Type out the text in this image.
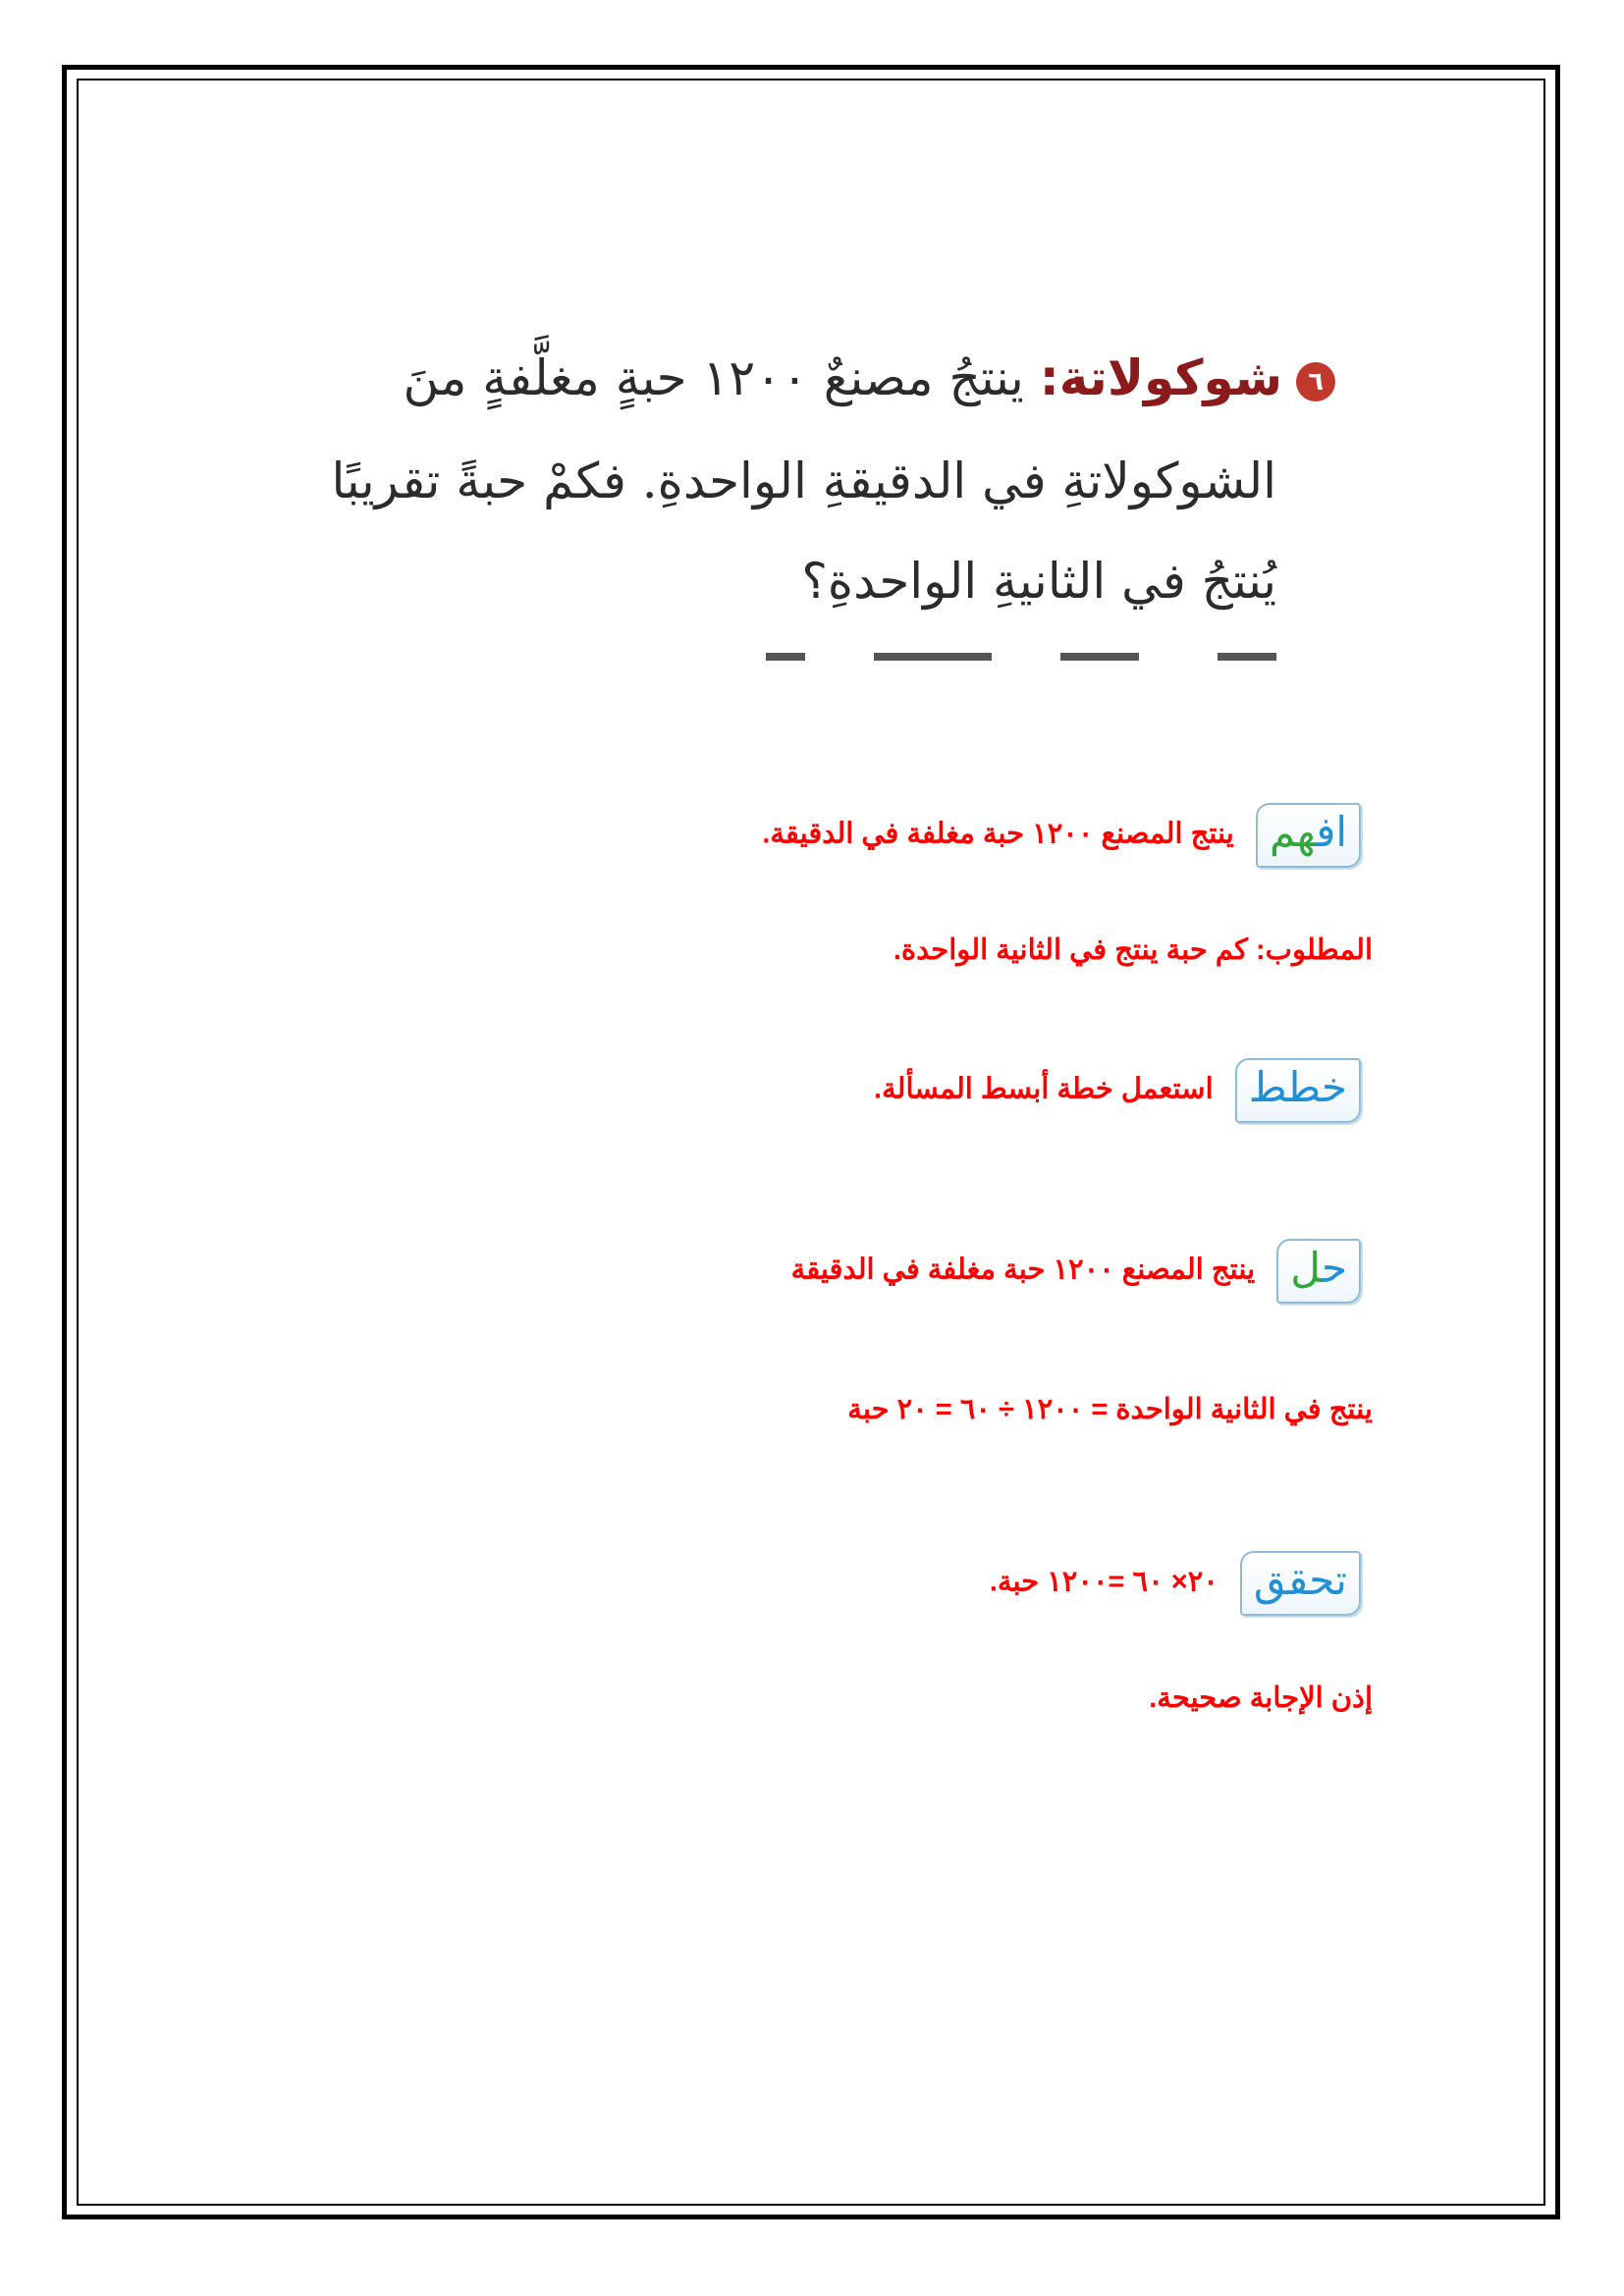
٦شوكولاتة: ينتجُ مصنعٌ ١٢٠٠ حبةٍ مغلَّفةٍ منَ
الشوكولاتةِ في الدقيقةِ الواحدةِ. فكمْ حبةً تقريبًا
يُنتجُ في الثانيةِ الواحدةِ؟
افهم ينتج المصنع ١٢٠٠ حبة مغلفة في الدقيقة.
المطلوب: كم حبة ينتج في الثانية الواحدة.
خطط استعمل خطة أبسط المسألة.
حل ينتج المصنع ١٢٠٠ حبة مغلفة في الدقيقة
ينتج في الثانية الواحدة = ١٢٠٠ ÷ ٦٠ = ٢٠ حبة
تحقق ٢٠× ٦٠ =١٢٠٠ حبة.
إذن الإجابة صحيحة.
